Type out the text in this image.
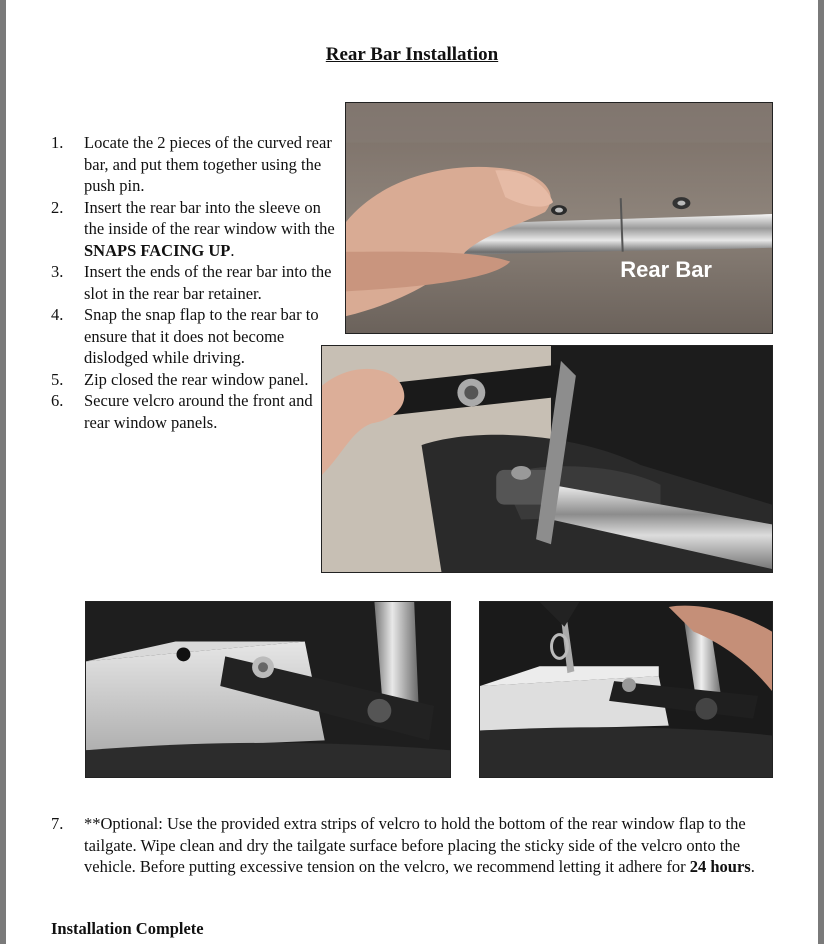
Rear Bar Installation
1. Locate the 2 pieces of the curved rear bar, and put them together using the push pin.
2. Insert the rear bar into the sleeve on the inside of the rear window with the SNAPS FACING UP.
3. Insert the ends of the rear bar into the slot in the rear bar retainer.
4. Snap the snap flap to the rear bar to ensure that it does not become dislodged while driving.
5. Zip closed the rear window panel.
6. Secure velcro around the front and rear window panels.
Rear Bar
7. **Optional: Use the provided extra strips of velcro to hold the bottom of the rear window flap to the tailgate. Wipe clean and dry the tailgate surface before placing the sticky side of the velcro onto the vehicle. Before putting excessive tension on the velcro, we recommend letting it adhere for 24 hours.
Installation Complete
